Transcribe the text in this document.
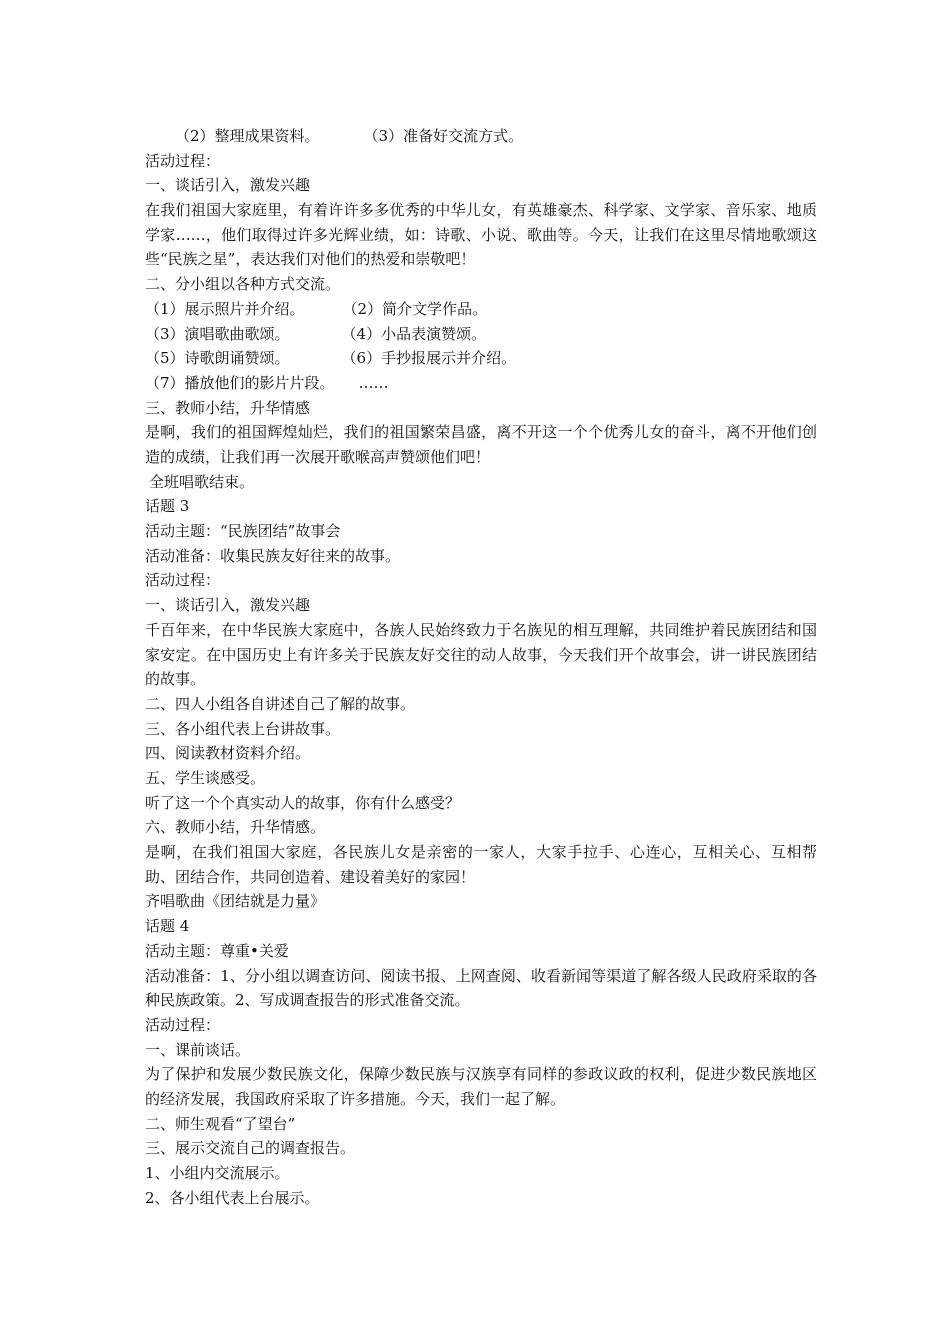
（2）整理成果资料。	（3）准备好交流方式。
活动过程：
一、谈话引入，激发兴趣
在我们祖国大家庭里，有着许许多多优秀的中华儿女，有英雄豪杰、科学家、文学家、音乐家、地质学家……，他们取得过许多光辉业绩，如：诗歌、小说、歌曲等。今天，让我们在这里尽情地歌颂这些“民族之星”，表达我们对他们的热爱和崇敬吧！
二、分小组以各种方式交流。
（1）展示照片并介绍。	（2）简介文学作品。
（3）演唱歌曲歌颂。	（4）小品表演赞颂。
（5）诗歌朗诵赞颂。	（6）手抄报展示并介绍。
（7）播放他们的影片片段。 ……
三、教师小结，升华情感
是啊，我们的祖国辉煌灿烂，我们的祖国繁荣昌盛，离不开这一个个优秀儿女的奋斗，离不开他们创造的成绩，让我们再一次展开歌喉高声赞颂他们吧！
全班唱歌结束。
话题 3
活动主题：“民族团结”故事会
活动准备：收集民族友好往来的故事。
活动过程：
一、谈话引入，激发兴趣
千百年来，在中华民族大家庭中，各族人民始终致力于名族见的相互理解，共同维护着民族团结和国家安定。在中国历史上有许多关于民族友好交往的动人故事，今天我们开个故事会，讲一讲民族团结的故事。
二、四人小组各自讲述自己了解的故事。
三、各小组代表上台讲故事。
四、阅读教材资料介绍。
五、学生谈感受。
听了这一个个真实动人的故事，你有什么感受？
六、教师小结，升华情感。
是啊，在我们祖国大家庭，各民族儿女是亲密的一家人，大家手拉手、心连心，互相关心、互相帮助、团结合作，共同创造着、建设着美好的家园！
齐唱歌曲《团结就是力量》
话题 4
活动主题：尊重•关爱
活动准备：1、分小组以调查访问、阅读书报、上网查阅、收看新闻等渠道了解各级人民政府采取的各种民族政策。2、写成调查报告的形式准备交流。
活动过程：
一、课前谈话。
为了保护和发展少数民族文化，保障少数民族与汉族享有同样的参政议政的权利，促进少数民族地区的经济发展，我国政府采取了许多措施。今天，我们一起了解。
二、师生观看“了望台”
三、展示交流自己的调查报告。
1、小组内交流展示。
2、各小组代表上台展示。
